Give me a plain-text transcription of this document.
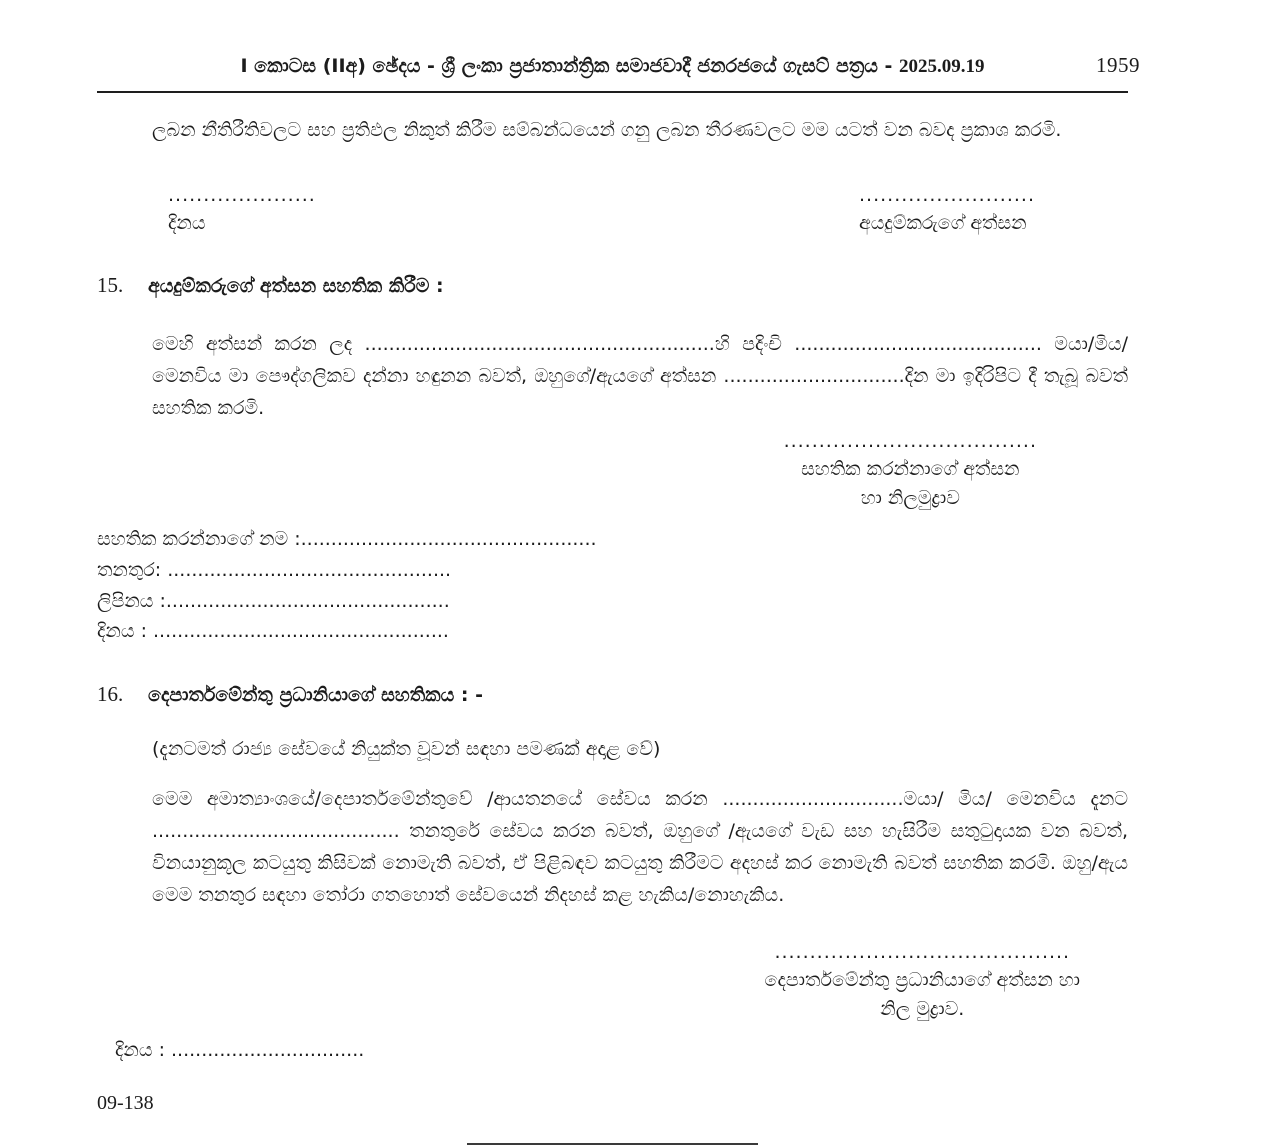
I කොටස (IIඅ) ඡේදය - ශ්‍රී ලංකා ප්‍රජාතාන්ත්‍රික සමාජවාදී ජනරජයේ ගැසට් පත්‍රය - 2025.09.19	1959

ලබන නීතිරීතිවලට සහ ප්‍රතිඵල නිකුත් කිරීම සම්බන්ධයෙන් ගනු ලබන තීරණවලට මම යටත් වන බවද ප්‍රකාශ කරමි.

.....................
දිනය
.........................
අයදුම්කරුගේ අත්සන
15.	අයදුම්කරුගේ අත්සන සහතික කිරීම :

මෙහි අත්සන් කරන ලද ..........................................................හි පදිංචි ......................................... මයා/මිය/මෙනවිය මා පෞද්ගලිකව දන්නා හඳුනන බවත්, ඔහුගේ/ඇයගේ අත්සන ..............................දින මා ඉදිරිපිට දී තැබූ බවත් සහතික කරමි.

....................................
සහතික කරන්නාගේ අත්සන
හා නිලමුද්‍රාව
සහතික කරන්නාගේ නම :.................................................
තනතුර: ...............................................
ලිපිනය :...............................................
දිනය : .................................................
16.	දෙපාර්තමේන්තු ප්‍රධානියාගේ සහතිකය : -

(දැනටමත් රාජ්‍ය සේවයේ නියුක්ත වූවන් සඳහා පමණක් අදාළ වේ)

මෙම අමාත්‍යාංශයේ/දෙපාර්තමේන්තුවේ /ආයතනයේ සේවය කරන ..............................මයා/ මිය/ මෙනවිය දැනට ......................................... තනතුරේ සේවය කරන බවත්, ඔහුගේ /ඇයගේ වැඩ සහ හැසිරීම සතුටුදායක වන බවත්, විනයානුකූල කටයුතු කිසිවක් නොමැති බවත්, ඒ පිළිබඳව කටයුතු කිරීමට අදහස් කර නොමැති බවත් සහතික කරමි. ඔහු/ඇය මෙම තනතුර සඳහා තෝරා ගතහොත් සේවයෙන් නිදහස් කළ හැකිය/නොහැකිය.

..........................................
දෙපාර්තමේන්තු ප්‍රධානියාගේ අත්සන හා
නිල මුද්‍රාව.
දිනය : ................................
09-138
